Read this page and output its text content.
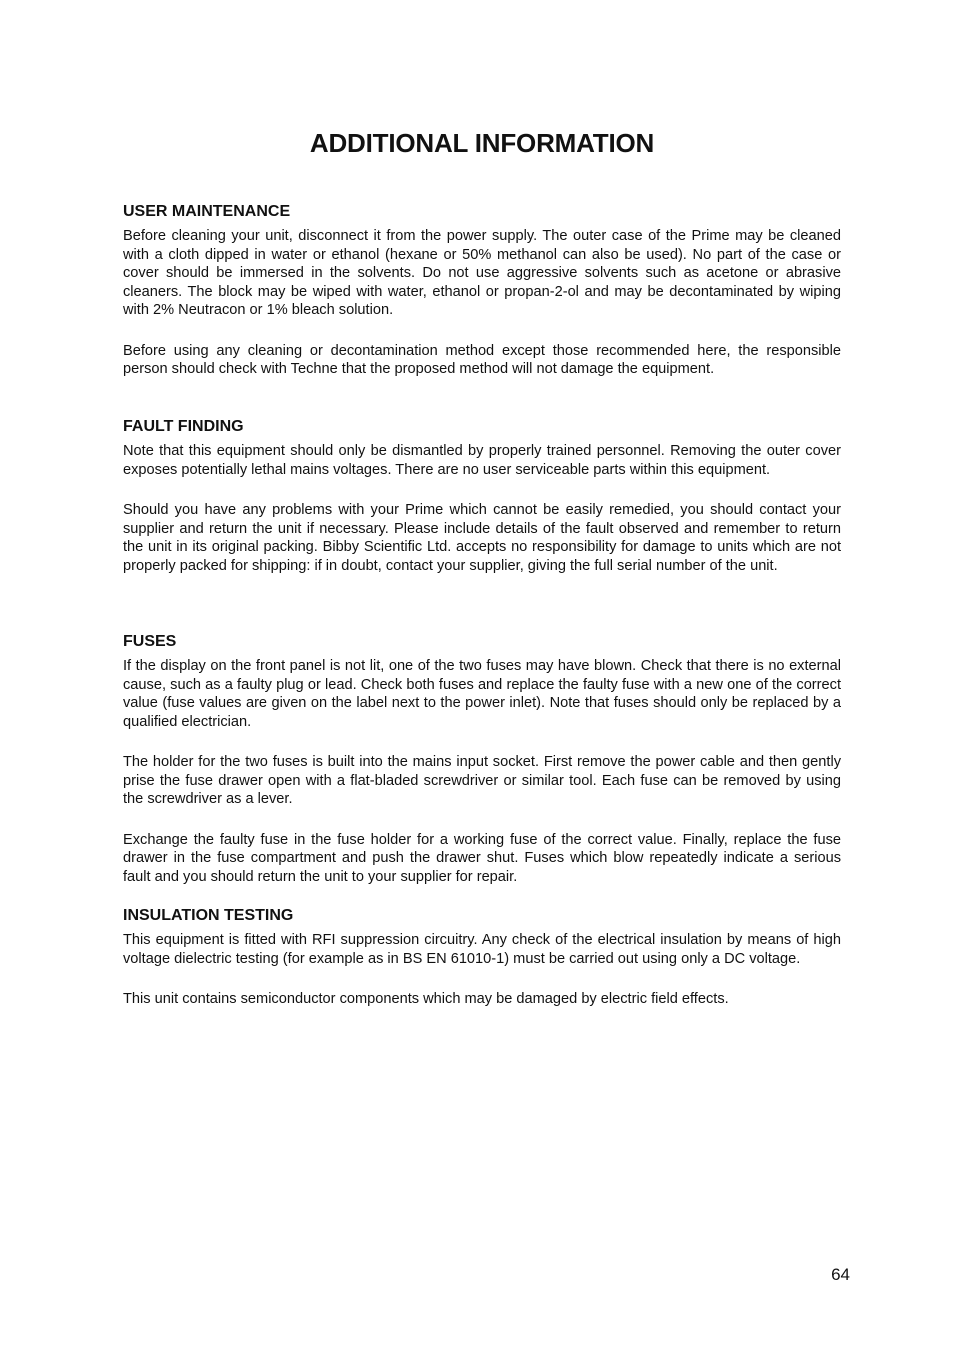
ADDITIONAL INFORMATION
USER MAINTENANCE

Before cleaning your unit, disconnect it from the power supply. The outer case of the Prime may be cleaned with a cloth dipped in water or ethanol (hexane or 50% methanol can also be used). No part of the case or cover should be immersed in the solvents. Do not use aggressive solvents such as acetone or abrasive cleaners. The block may be wiped with water, ethanol or propan-2-ol and may be decontaminated by wiping with 2% Neutracon or 1% bleach solution.

Before using any cleaning or decontamination method except those recommended here, the responsible person should check with Techne that the proposed method will not damage the equipment.

FAULT FINDING

Note that this equipment should only be dismantled by properly trained personnel. Removing the outer cover exposes potentially lethal mains voltages. There are no user serviceable parts within this equipment.

Should you have any problems with your Prime which cannot be easily remedied, you should contact your supplier and return the unit if necessary. Please include details of the fault observed and remember to return the unit in its original packing. Bibby Scientific Ltd. accepts no responsibility for damage to units which are not properly packed for shipping: if in doubt, contact your supplier, giving the full serial number of the unit.

FUSES

If the display on the front panel is not lit, one of the two fuses may have blown. Check that there is no external cause, such as a faulty plug or lead. Check both fuses and replace the faulty fuse with a new one of the correct value (fuse values are given on the label next to the power inlet). Note that fuses should only be replaced by a qualified electrician.

The holder for the two fuses is built into the mains input socket. First remove the power cable and then gently prise the fuse drawer open with a flat-bladed screwdriver or similar tool. Each fuse can be removed by using the screwdriver as a lever.

Exchange the faulty fuse in the fuse holder for a working fuse of the correct value. Finally, replace the fuse drawer in the fuse compartment and push the drawer shut. Fuses which blow repeatedly indicate a serious fault and you should return the unit to your supplier for repair.

INSULATION TESTING

This equipment is fitted with RFI suppression circuitry. Any check of the electrical insulation by means of high voltage dielectric testing (for example as in BS EN 61010-1) must be carried out using only a DC voltage.

This unit contains semiconductor components which may be damaged by electric field effects.

64
